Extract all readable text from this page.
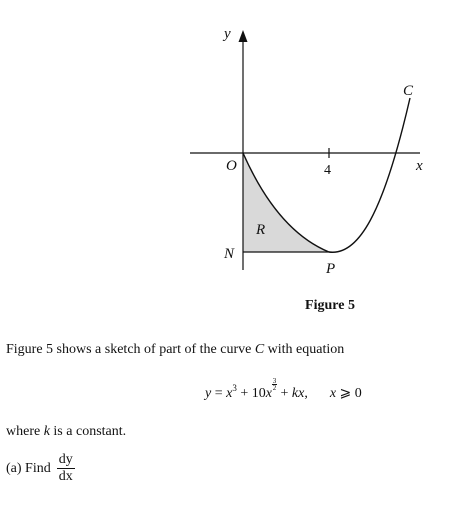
y
x
O	4
C
R
N
P
Figure 5
Figure 5 shows a sketch of part of the curve C with equation
$y = x^3 + 10x$
$\frac{3}{2}$
+ kx, x ⩾ 0
where k is a constant.
(a) Find $\frac{dy}{dx}$
